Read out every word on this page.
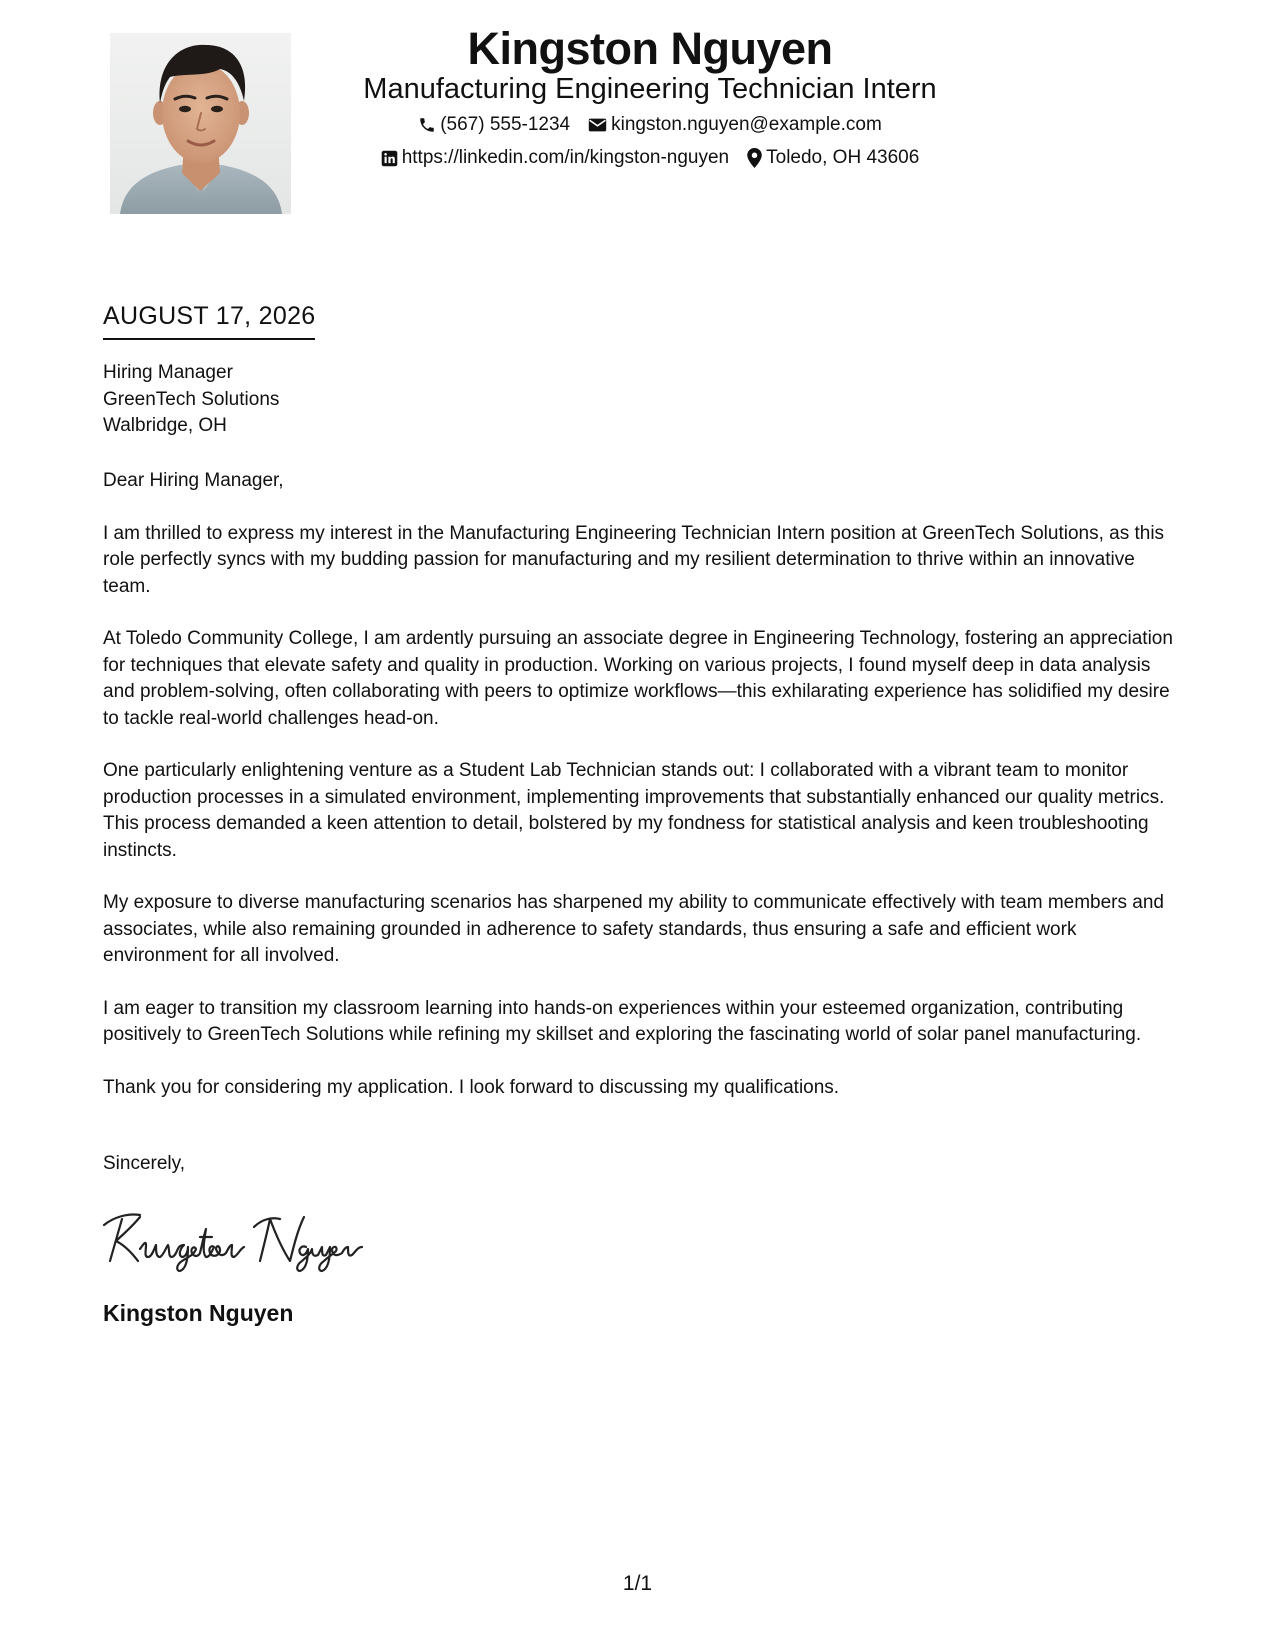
Kingston Nguyen
Manufacturing Engineering Technician Intern
(567) 555-1234 kingston.nguyen@example.com
https://linkedin.com/in/kingston-nguyen Toledo, OH 43606
AUGUST 17, 2026
Hiring Manager
GreenTech Solutions
Walbridge, OH
Dear Hiring Manager,

I am thrilled to express my interest in the Manufacturing Engineering Technician Intern position at GreenTech Solutions, as this role perfectly syncs with my budding passion for manufacturing and my resilient determination to thrive within an innovative team.

At Toledo Community College, I am ardently pursuing an associate degree in Engineering Technology, fostering an appreciation for techniques that elevate safety and quality in production. Working on various projects, I found myself deep in data analysis and problem-solving, often collaborating with peers to optimize workflows—this exhilarating experience has solidified my desire to tackle real-world challenges head-on.

One particularly enlightening venture as a Student Lab Technician stands out: I collaborated with a vibrant team to monitor production processes in a simulated environment, implementing improvements that substantially enhanced our quality metrics. This process demanded a keen attention to detail, bolstered by my fondness for statistical analysis and keen troubleshooting instincts.

My exposure to diverse manufacturing scenarios has sharpened my ability to communicate effectively with team members and associates, while also remaining grounded in adherence to safety standards, thus ensuring a safe and efficient work environment for all involved.

I am eager to transition my classroom learning into hands-on experiences within your esteemed organization, contributing positively to GreenTech Solutions while refining my skillset and exploring the fascinating world of solar panel manufacturing.

Thank you for considering my application. I look forward to discussing my qualifications.

Sincerely,
Kingston Nguyen
1/1
